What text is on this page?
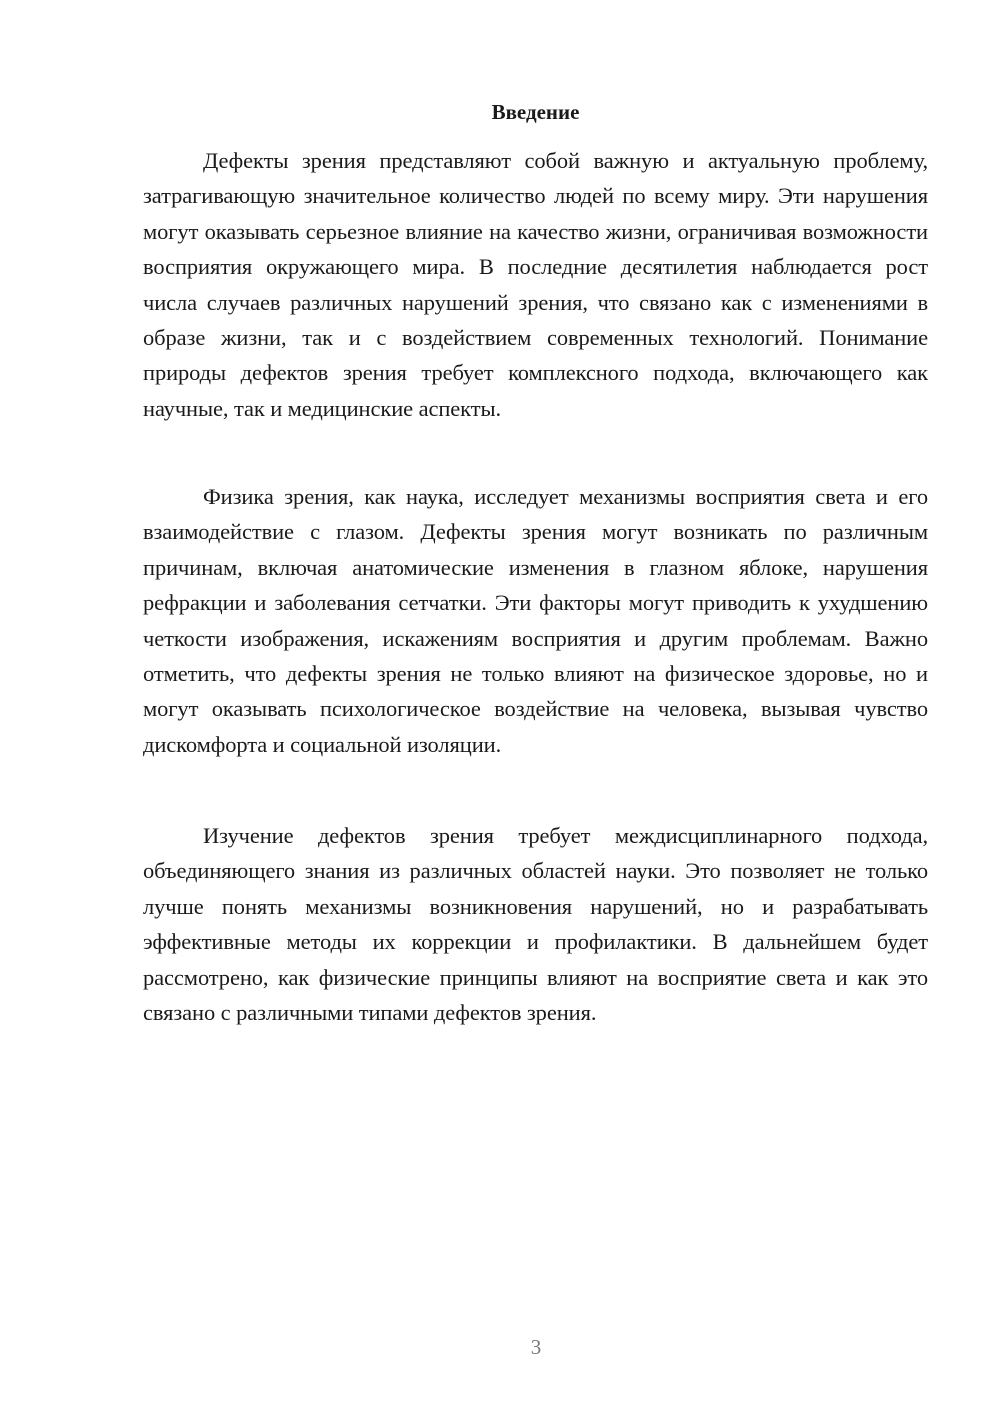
Введение

Дефекты зрения представляют собой важную и актуальную проблему, затрагивающую значительное количество людей по всему миру. Эти нарушения могут оказывать серьезное влияние на качество жизни, ограничивая возможности восприятия окружающего мира. В последние десятилетия наблюдается рост числа случаев различных нарушений зрения, что связано как с изменениями в образе жизни, так и с воздействием современных технологий. Понимание природы дефектов зрения требует комплексного подхода, включающего как научные, так и медицинские аспекты.

Физика зрения, как наука, исследует механизмы восприятия света и его взаимодействие с глазом. Дефекты зрения могут возникать по различным причинам, включая анатомические изменения в глазном яблоке, нарушения рефракции и заболевания сетчатки. Эти факторы могут приводить к ухудшению четкости изображения, искажениям восприятия и другим проблемам. Важно отметить, что дефекты зрения не только влияют на физическое здоровье, но и могут оказывать психологическое воздействие на человека, вызывая чувство дискомфорта и социальной изоляции.

Изучение дефектов зрения требует междисциплинарного подхода, объединяющего знания из различных областей науки. Это позволяет не только лучше понять механизмы возникновения нарушений, но и разрабатывать эффективные методы их коррекции и профилактики. В дальнейшем будет рассмотрено, как физические принципы влияют на восприятие света и как это связано с различными типами дефектов зрения.

3
